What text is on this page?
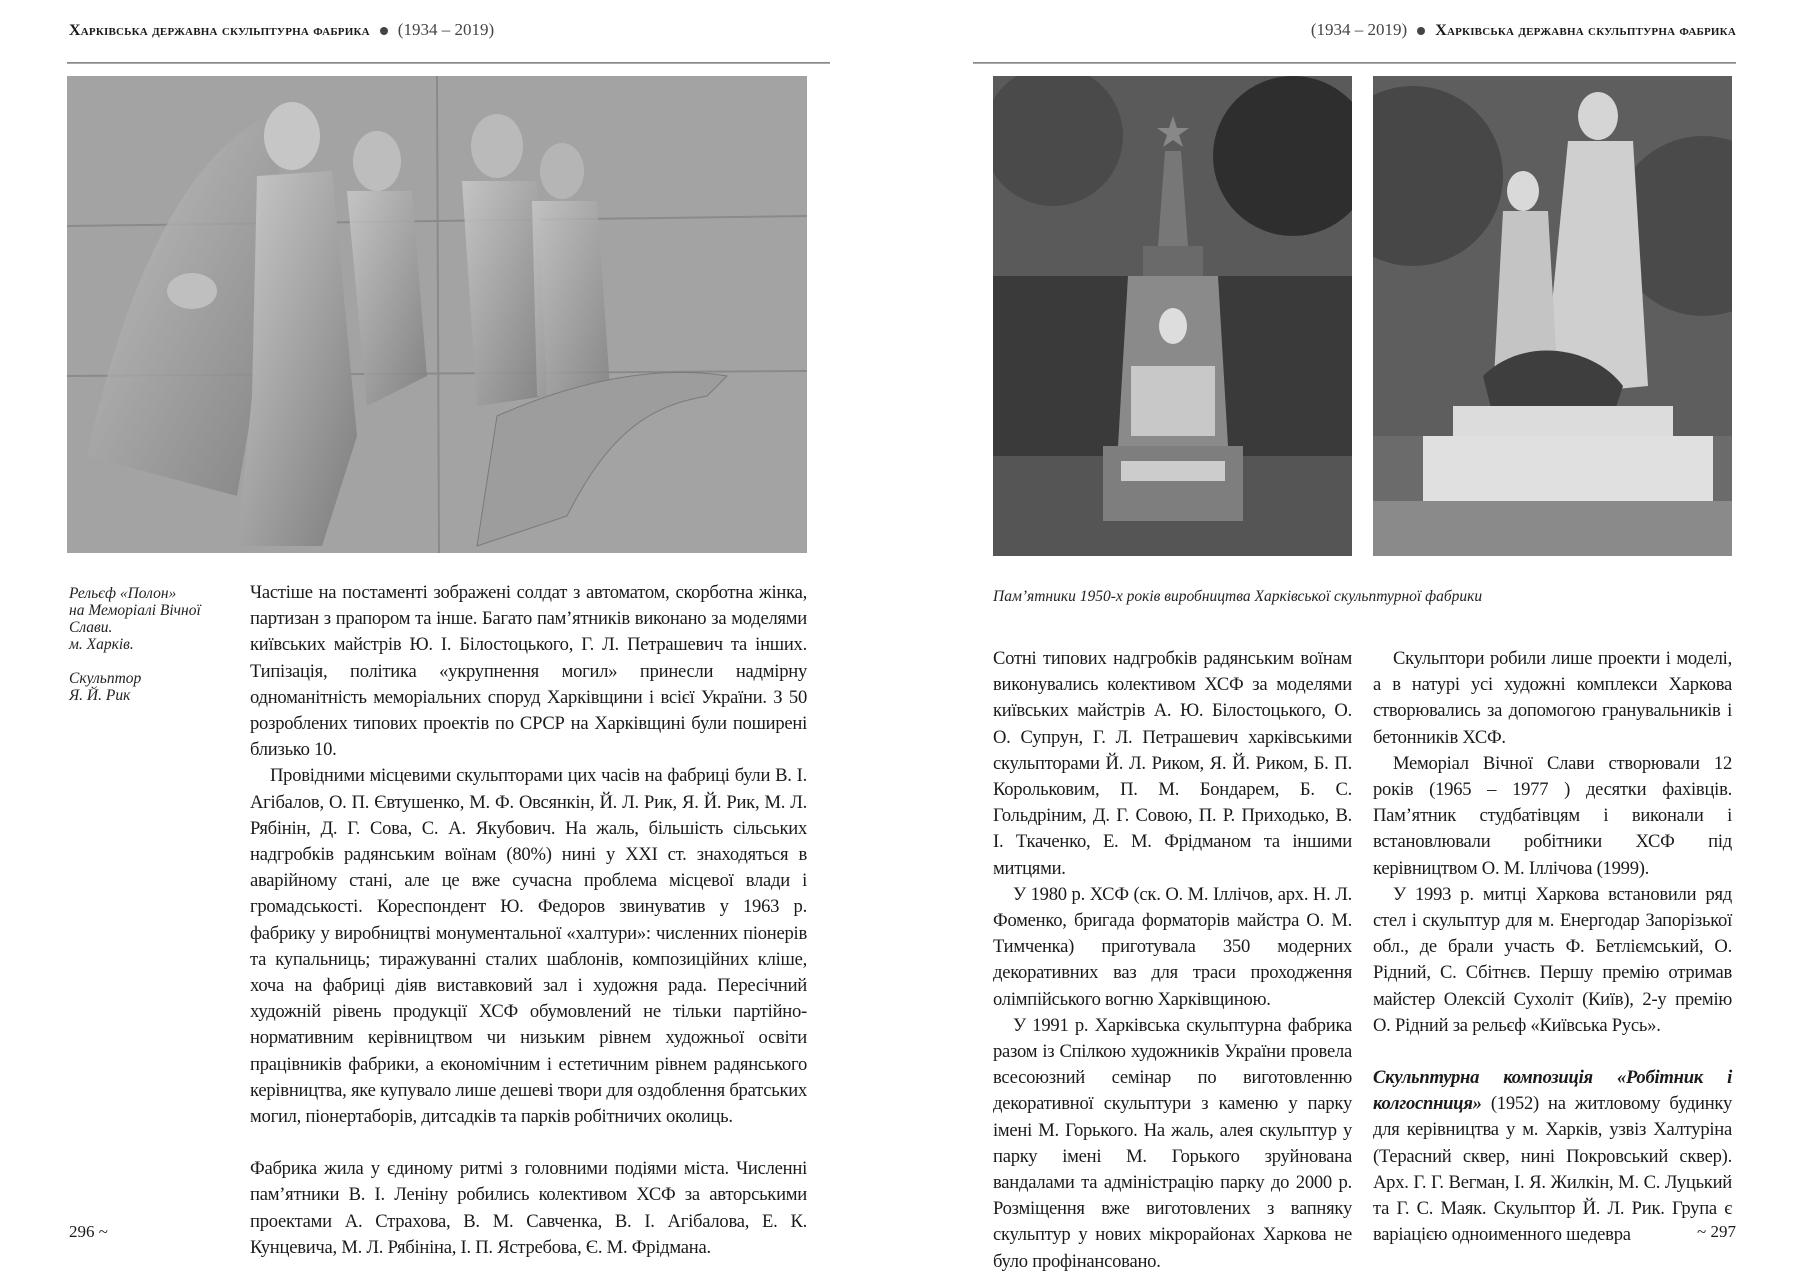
Харківська державна скульптурна фабрика (1934 – 2019)	(1934 – 2019) Харківська державна скульптурна фабрика
Рельєф «Полон»
на Меморіалі Вічної
Слави.
м. Харків.
Скульптор
Я. Й. Рик

Частіше на постаменті зображені солдат з автоматом, скорботна жінка, партизан з прапором та інше. Багато пам’ятників виконано за моделями київських майстрів Ю. І. Білостоцького, Г. Л. Петрашевич та інших. Типізація, політика «укрупнення могил» принесли надмірну одноманітність меморіальних споруд Харківщини і всієї України. З 50 розроблених типових проектів по СРСР на Харківщині були поширені близько 10.

Провідними місцевими скульпторами цих часів на фабриці були В. І. Агібалов, О. П. Євтушенко, М. Ф. Овсянкін, Й. Л. Рик, Я. Й. Рик, М. Л. Рябінін, Д. Г. Сова, С. А. Якубович. На жаль, більшість сільських надгробків радянським воїнам (80%) нині у XXI ст. знаходяться в аварійному стані, але це вже сучасна проблема місцевої влади і громадськості. Кореспондент Ю. Федоров звинуватив у 1963 р. фабрику у виробництві монументальної «халтури»: численних піонерів та купальниць; тиражуванні сталих шаблонів, композиційних кліше, хоча на фабриці діяв виставковий зал і художня рада. Пересічний художній рівень продукції ХСФ обумовлений не тільки партійно-нормативним керівництвом чи низьким рівнем художньої освіти працівників фабрики, а економічним і естетичним рівнем радянського керівництва, яке купувало лише дешеві твори для оздоблення братських могил, піонертаборів, дитсадків та парків робітничих околиць.

Фабрика жила у єдиному ритмі з головними подіями міста. Численні пам’ятники В. І. Леніну робились колективом ХСФ за авторськими проектами А. Страхова, В. М. Савченка, В. І. Агібалова, Е. К. Кунцевича, М. Л. Рябініна, І. П. Ястребова, Є. М. Фрідмана.

296 ~
Пам’ятники 1950-х років виробництва Харківської скульптурної фабрики

Сотні типових надгробків радянським воїнам виконувались колективом ХСФ за моделями київських майстрів А. Ю. Білостоцького, О. О. Супрун, Г. Л. Петрашевич харківськими скульпторами Й. Л. Риком, Я. Й. Риком, Б. П. Корольковим, П. М. Бондарем, Б. С. Гольдріним, Д. Г. Совою, П. Р. Приходько, В. І. Ткаченко, Е. М. Фрідманом та іншими митцями.

У 1980 р. ХСФ (ск. О. М. Іллічов, арх. Н. Л. Фоменко, бригада форматорів майстра О. М. Тимченка) приготувала 350 модерних декоративних ваз для траси проходження олімпійського вогню Харківщиною.

У 1991 р. Харківська скульптурна фабрика разом із Спілкою художників України провела всесоюзний семінар по виготовленню декоративної скульптури з каменю у парку імені М. Горького. На жаль, алея скульптур у парку імені М. Горького зруйнована вандалами та адміністрацію парку до 2000 р. Розміщення вже виготовлених з вапняку скульптур у нових мікрорайонах Харкова не було профінансовано.

Скульптори робили лише проекти і моделі, а в натурі усі художні комплекси Харкова створювались за допомогою гранувальників і бетонників ХСФ.

Меморіал Вічної Слави створювали 12 років (1965 – 1977 ) десятки фахівців. Пам’ятник студбатівцям і виконали і встановлювали робітники ХСФ під керівництвом О. М. Іллічова (1999).

У 1993 р. митці Харкова встановили ряд стел і скульптур для м. Енергодар Запорізької обл., де брали участь Ф. Бетліємський, О. Рідний, С. Сбітнєв. Першу премію отримав майстер Олексій Сухоліт (Київ), 2-у премію О. Рідний за рельєф «Київська Русь».

Скульптурна композиція «Робітник і колгоспниця» (1952) на житловому будинку для керівництва у м. Харків, узвіз Халтуріна (Терасний сквер, нині Покровський сквер). Арх. Г. Г. Вегман, І. Я. Жилкін, М. С. Луцький та Г. С. Маяк. Скульптор Й. Л. Рик. Група є варіацією одноименного шедевра	~ 297
